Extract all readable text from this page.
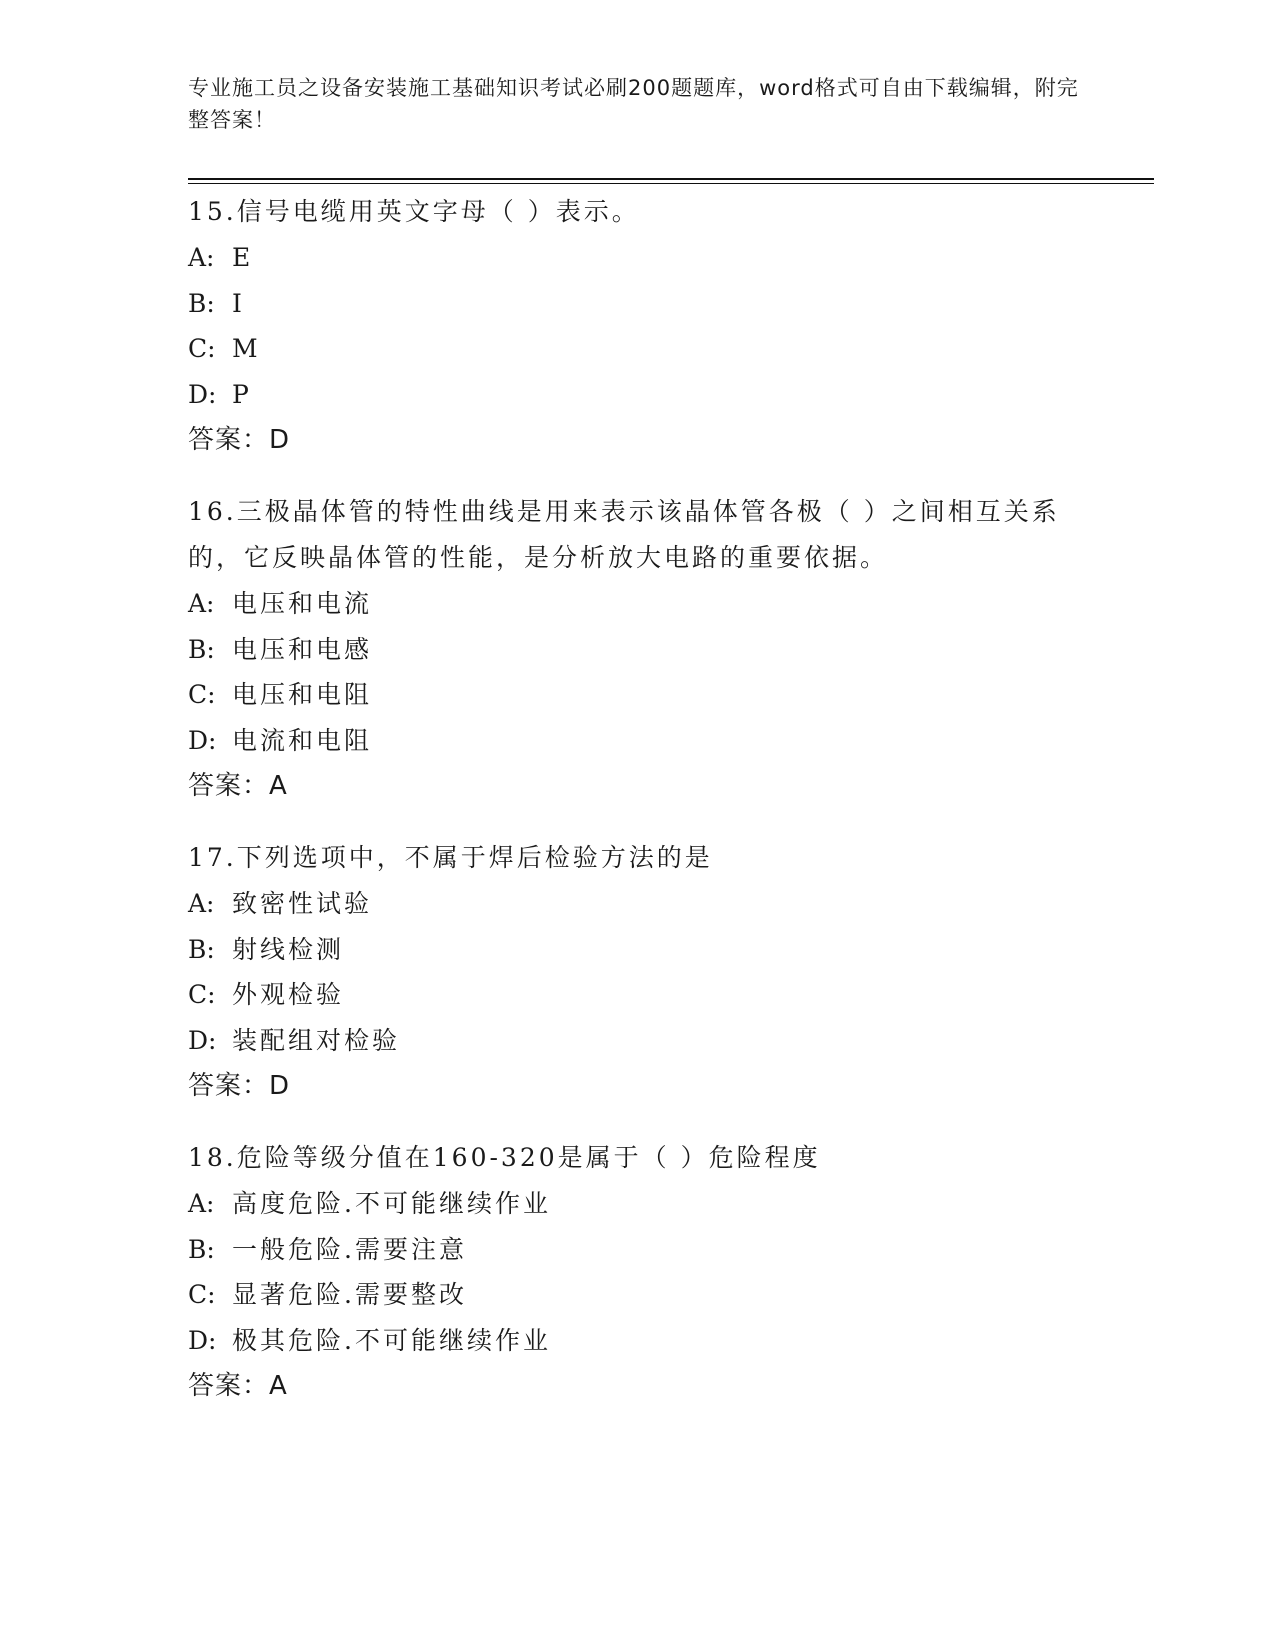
专业施工员之设备安装施工基础知识考试必刷200题题库，word格式可自由下载编辑，附完整答案！
15.信号电缆用英文字母（ ）表示。
A: E
B: I
C: M
D: P
答案：D
16.三极晶体管的特性曲线是用来表示该晶体管各极（ ）之间相互关系的，它反映晶体管的性能，是分析放大电路的重要依据。
A: 电压和电流
B: 电压和电感
C: 电压和电阻
D: 电流和电阻
答案：A
17.下列选项中，不属于焊后检验方法的是
A: 致密性试验
B: 射线检测
C: 外观检验
D: 装配组对检验
答案：D
18.危险等级分值在160-320是属于（ ）危险程度
A: 高度危险.不可能继续作业
B: 一般危险.需要注意
C: 显著危险.需要整改
D: 极其危险.不可能继续作业
答案：A
